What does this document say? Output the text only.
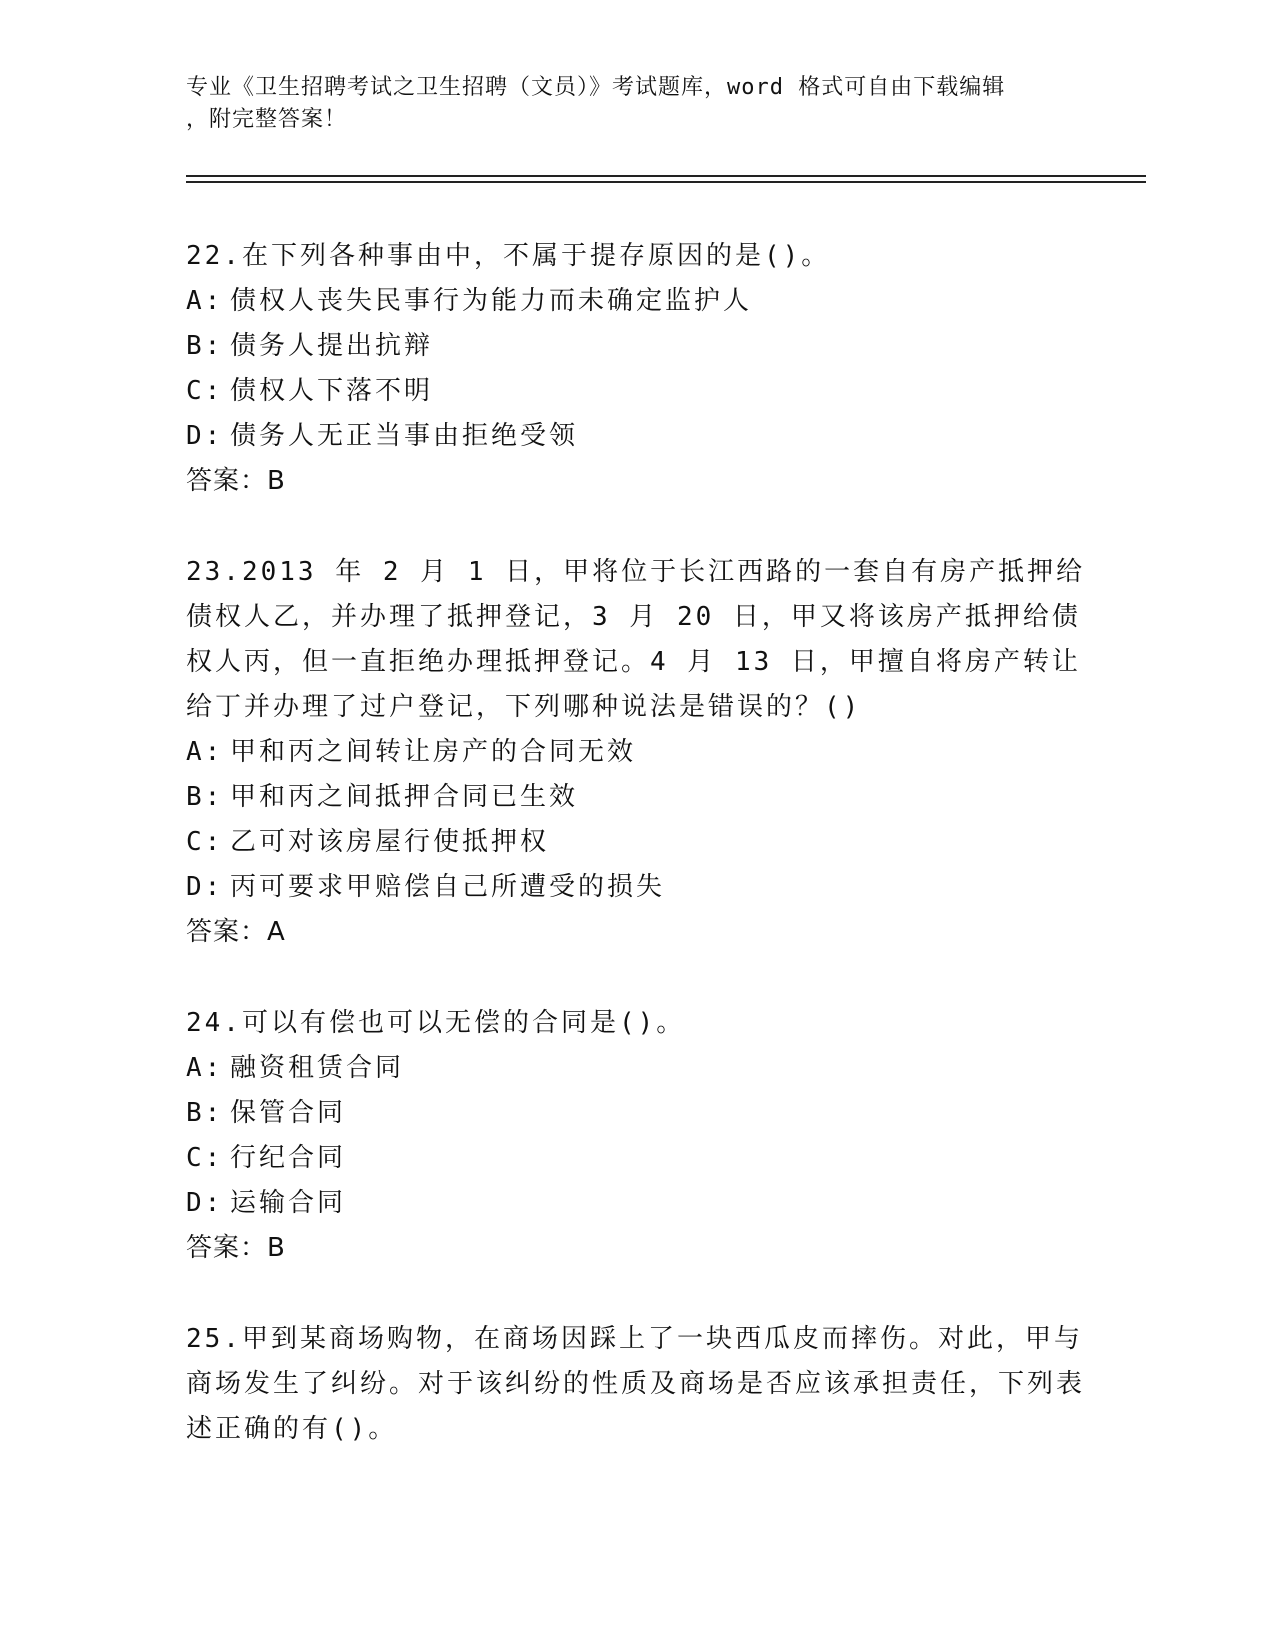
专业《卫生招聘考试之卫生招聘（文员）》考试题库，word 格式可自由下载编辑
，附完整答案！

22.在下列各种事由中，不属于提存原因的是()。

A: 债权人丧失民事行为能力而未确定监护人

B: 债务人提出抗辩

C: 债权人下落不明

D: 债务人无正当事由拒绝受领

答案：B

23.2013 年 2 月 1 日，甲将位于长江西路的一套自有房产抵押给债权人乙，并办理了抵押登记，3 月 20 日，甲又将该房产抵押给债权人丙，但一直拒绝办理抵押登记。4 月 13 日，甲擅自将房产转让给丁并办理了过户登记，下列哪种说法是错误的？()

A: 甲和丙之间转让房产的合同无效

B: 甲和丙之间抵押合同已生效

C: 乙可对该房屋行使抵押权

D: 丙可要求甲赔偿自己所遭受的损失

答案：A

24.可以有偿也可以无偿的合同是()。

A: 融资租赁合同

B: 保管合同

C: 行纪合同

D: 运输合同

答案：B

25.甲到某商场购物，在商场因踩上了一块西瓜皮而摔伤。对此，甲与商场发生了纠纷。对于该纠纷的性质及商场是否应该承担责任，下列表述正确的有()。
